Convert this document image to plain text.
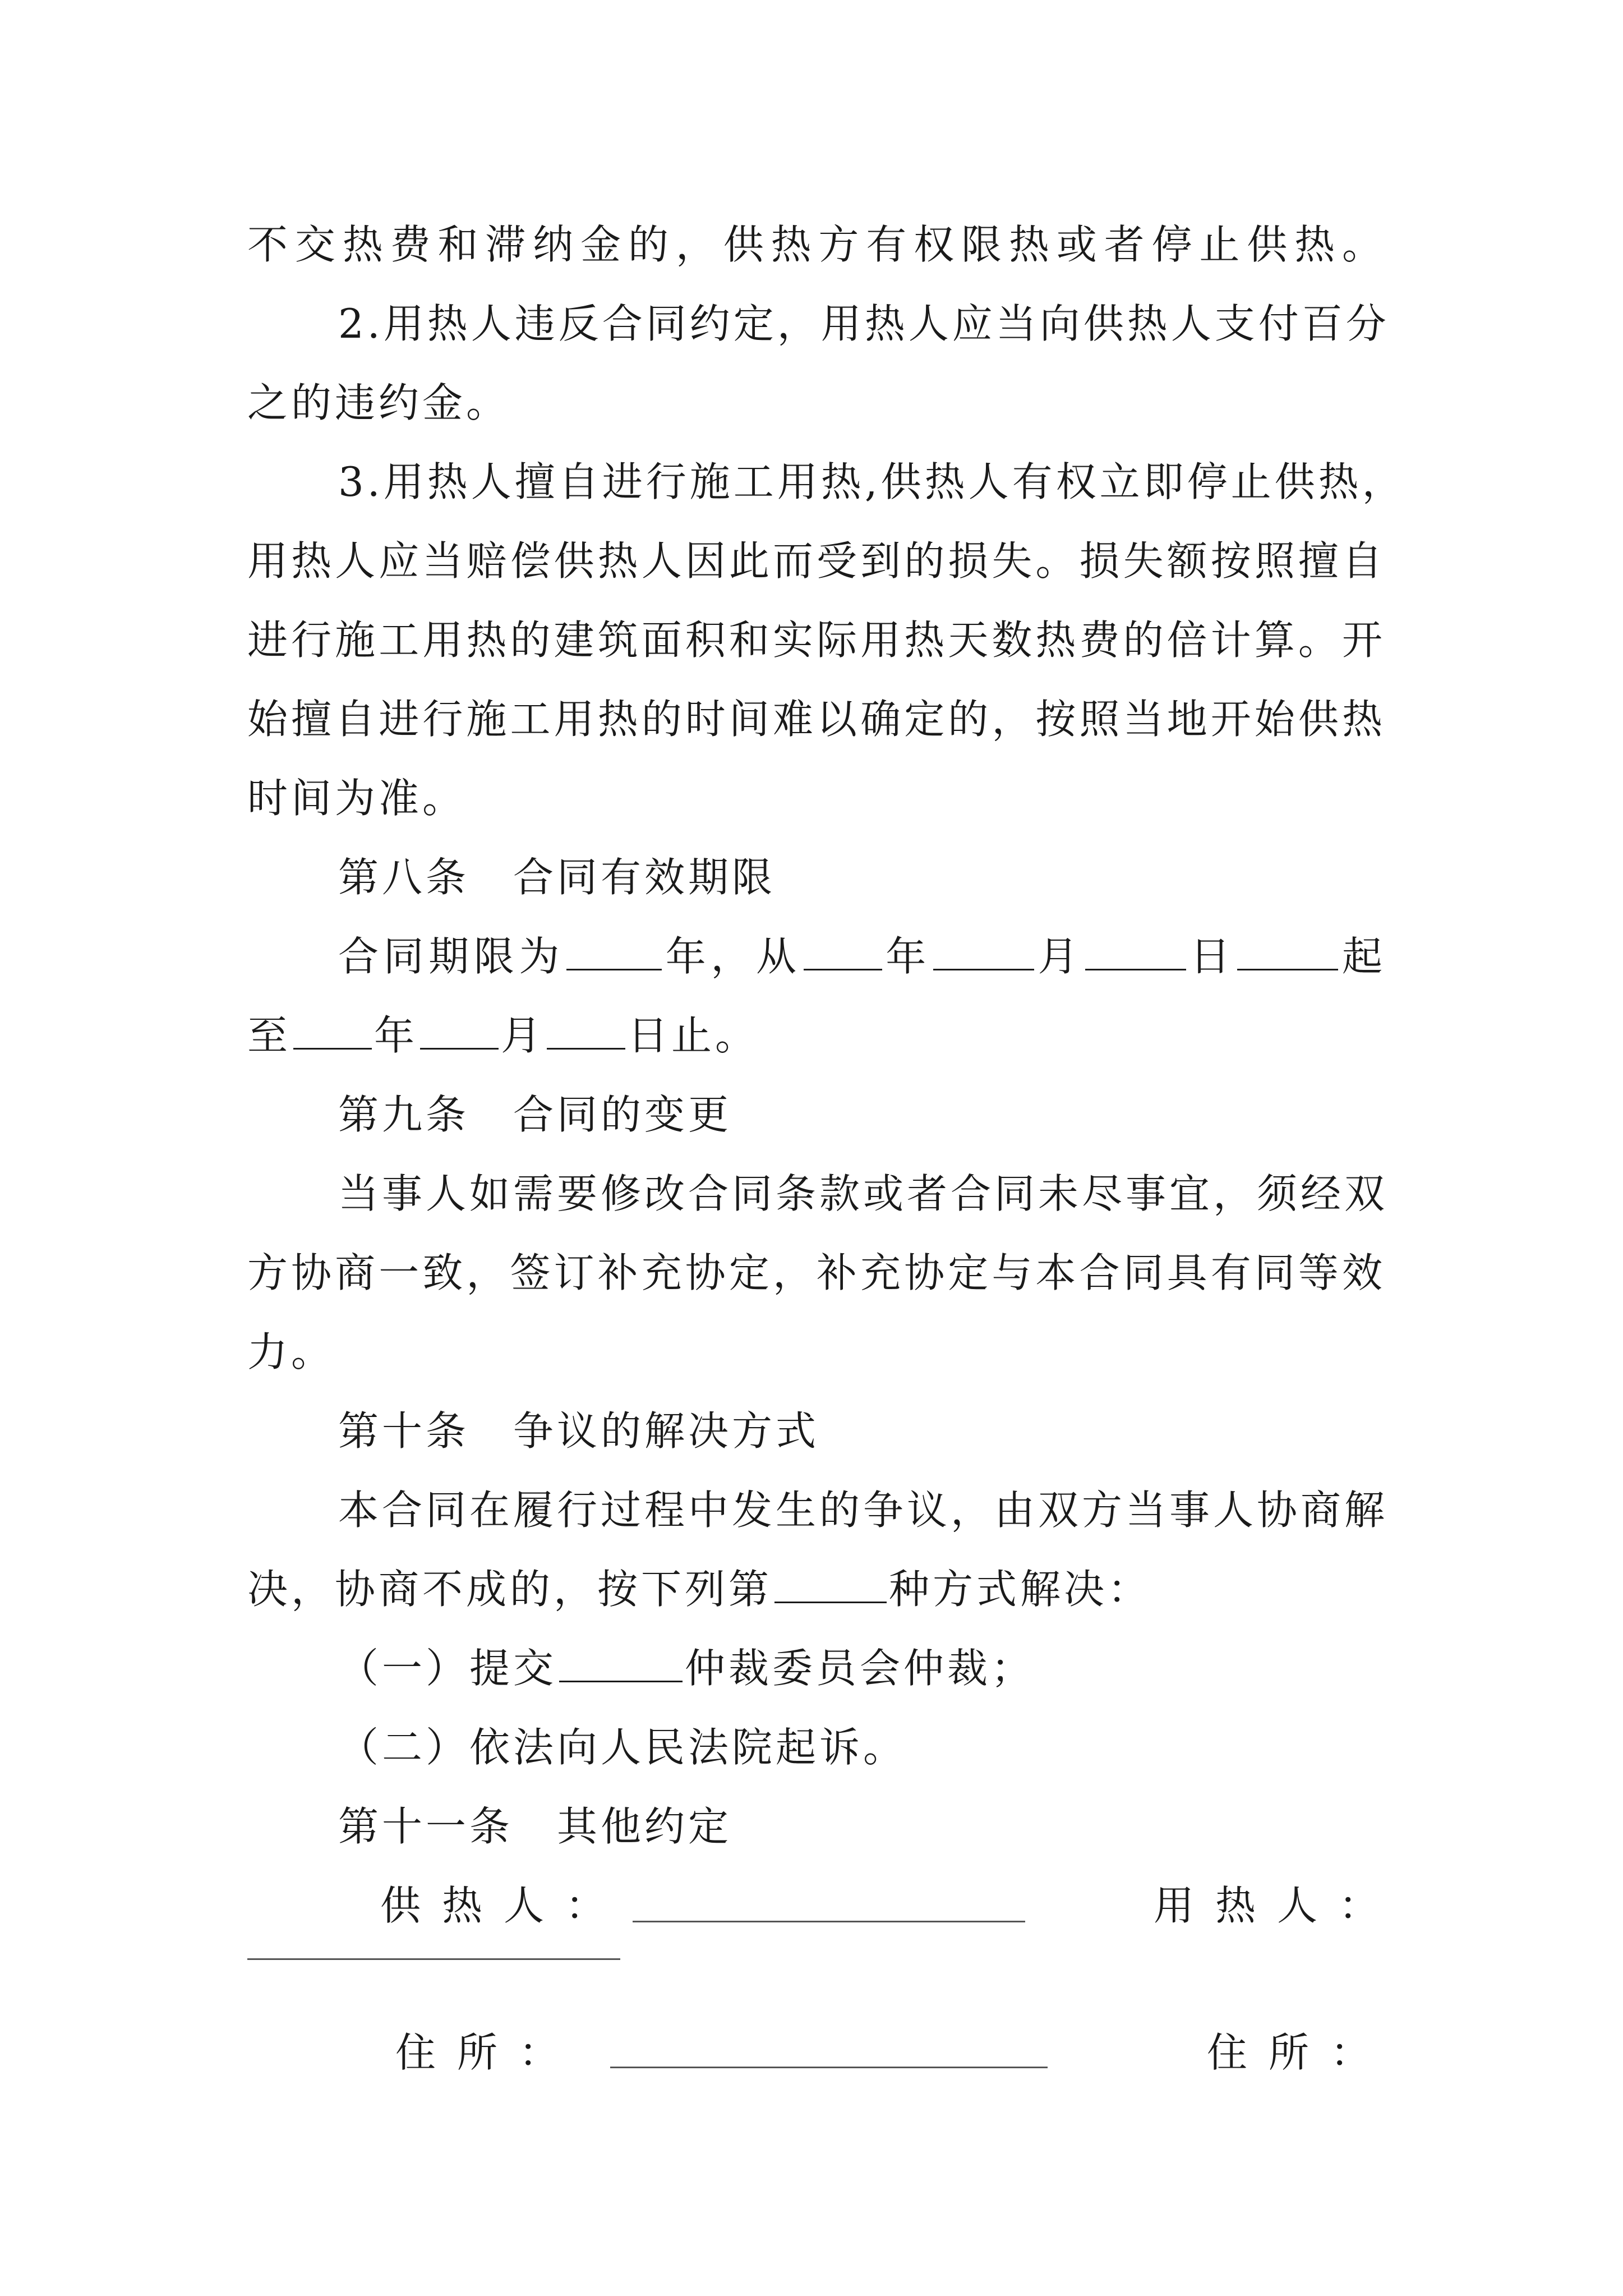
不交热费和滞纳金的，供热方有权限热或者停止供热。
2.用热人违反合同约定，用热人应当向供热人支付百分
之的违约金。
3.用热人擅自进行施工用热,供热人有权立即停止供热，
用热人应当赔偿供热人因此而受到的损失。损失额按照擅自
进行施工用热的建筑面积和实际用热天数热费的倍计算。开
始擅自进行施工用热的时间难以确定的，按照当地开始供热
时间为准。
第八条　合同有效期限
合同期限为 年，从 年	月	日	起
至 年 月 日止。
第九条　合同的变更
当事人如需要修改合同条款或者合同未尽事宜，须经双
方协商一致，签订补充协定，补充协定与本合同具有同等效
力。
第十条　争议的解决方式
本合同在履行过程中发生的争议，由双方当事人协商解
决，协商不成的，按下列第	种方式解决：
（一）提交	仲裁委员会仲裁；
（二）依法向人民法院起诉。
第十一条　其他约定
供热人：	用热人：
住所：	住所：
